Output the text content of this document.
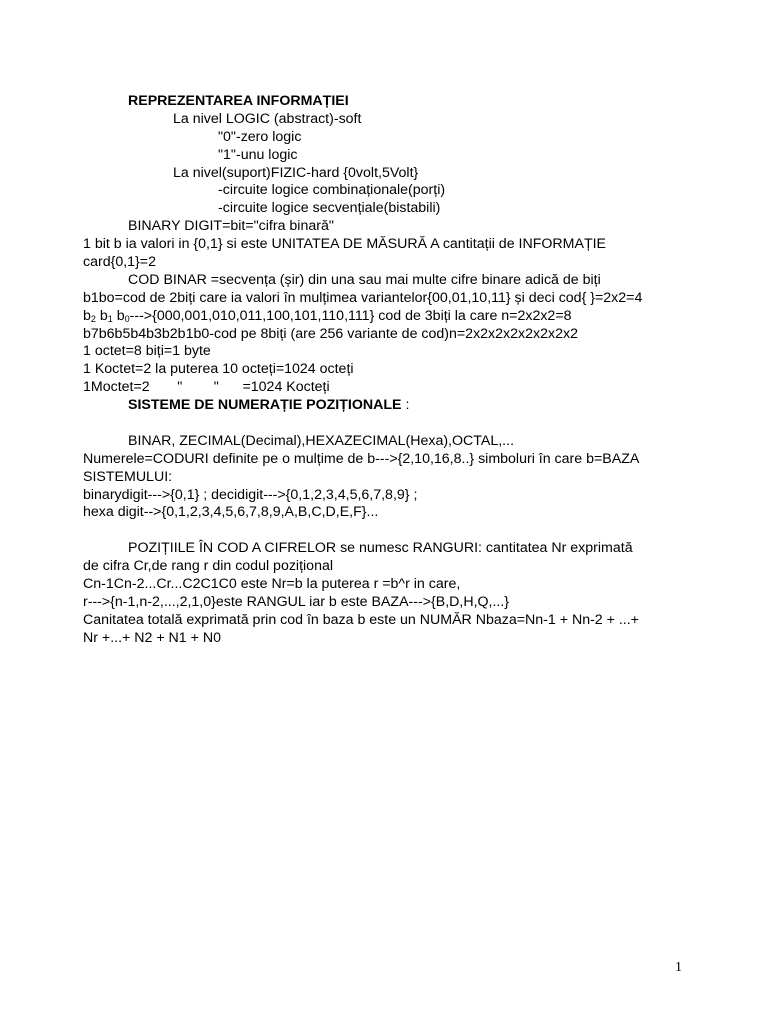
REPREZENTAREA INFORMAȚIEI
La nivel LOGIC (abstract)-soft
"0"-zero logic
"1"-unu logic
La nivel(suport)FIZIC-hard {0volt,5Volt}
-circuite logice combinaționale(porți)
-circuite logice secvențiale(bistabili)
BINARY DIGIT=bit="cifra binară"
1 bit b ia valori in {0,1} si este UNITATEA DE MĂSURĂ A cantitații de INFORMAȚIE
card{0,1}=2
COD BINAR =secvența (șir) din una sau mai multe cifre binare adică de biți
b1bo=cod de 2biți care ia valori în mulțimea variantelor{00,01,10,11} și deci cod{ }=2x2=4
$b_2$ $b_1$ $b_0--->\{000,001,010,011,100,101,110,111\}$ cod de 3biți la care n=2x2x2=8
b7b6b5b4b3b2b1b0-cod pe 8biți (are 256 variante de cod)n=2x2x2x2x2x2x2x2
1 octet=8 biți=1 byte
1 Koctet=2 la puterea 10 octeți=1024 octeți
1Moctet=2       "        "      =1024 Kocteți
SISTEME DE NUMERAȚIE POZIȚIONALE :
BINAR, ZECIMAL(Decimal),HEXAZECIMAL(Hexa),OCTAL,...
Numerele=CODURI definite pe o mulțime de b--->{2,10,16,8..} simboluri în care b=BAZA
SISTEMULUI:
binarydigit--->{0,1} ; decidigit--->{0,1,2,3,4,5,6,7,8,9} ;
hexa digit-->{0,1,2,3,4,5,6,7,8,9,A,B,C,D,E,F}...
POZIȚIILE ÎN COD A CIFRELOR se numesc RANGURI: cantitatea Nr exprimată
de cifra Cr,de rang r din codul pozițional
Cn-1Cn-2...Cr...C2C1C0 este Nr=b la puterea r =b^r in care,
r--->{n-1,n-2,...,2,1,0}este RANGUL iar b este BAZA--->{B,D,H,Q,...}
Canitatea totală exprimată prin cod în baza b este un NUMĂR Nbaza=Nn-1 + Nn-2 + ...+
Nr +...+ N2 + N1 + N0
1
